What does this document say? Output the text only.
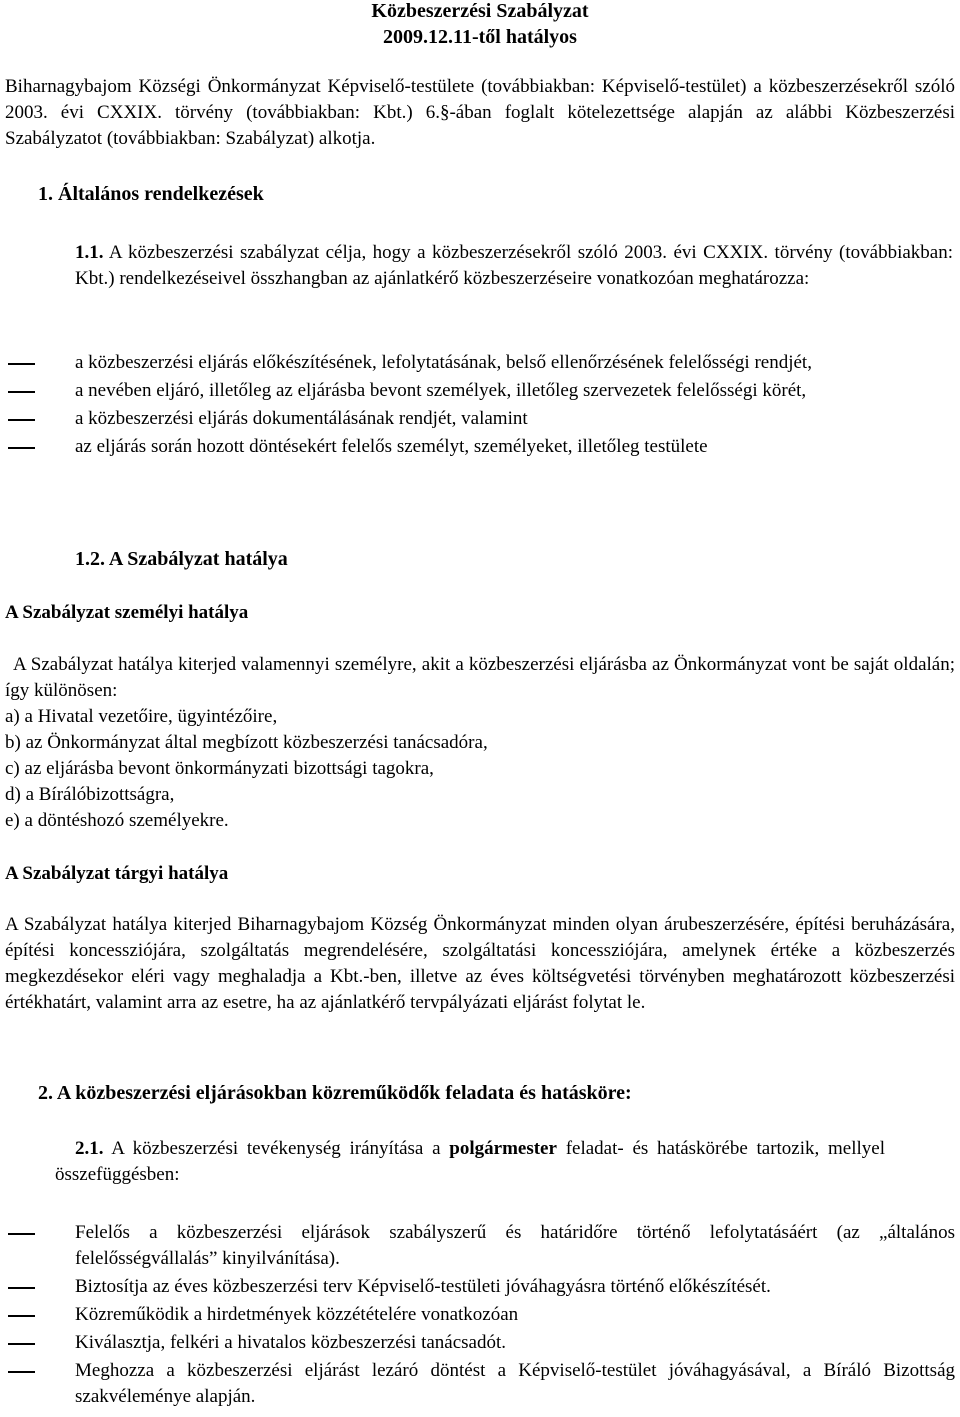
Közbeszerzési Szabályzat
2009.12.11-től hatályos
Biharnagybajom Községi Önkormányzat Képviselő-testülete (továbbiakban: Képviselő-testület) a közbeszerzésekről szóló 2003. évi CXXIX. törvény (továbbiakban: Kbt.) 6.§-ában foglalt kötelezettsége alapján az alábbi Közbeszerzési Szabályzatot (továbbiakban: Szabályzat) alkotja.
1. Általános rendelkezések
1.1. A közbeszerzési szabályzat célja, hogy a közbeszerzésekről szóló 2003. évi CXXIX. törvény (továbbiakban: Kbt.) rendelkezéseivel összhangban az ajánlatkérő közbeszerzéseire vonatkozóan meghatározza:
a közbeszerzési eljárás előkészítésének, lefolytatásának, belső ellenőrzésének felelősségi rendjét,
a nevében eljáró, illetőleg az eljárásba bevont személyek, illetőleg szervezetek felelősségi körét,
a közbeszerzési eljárás dokumentálásának rendjét, valamint
az eljárás során hozott döntésekért felelős személyt, személyeket, illetőleg testülete
1.2. A Szabályzat hatálya
A Szabályzat személyi hatálya
A Szabályzat hatálya kiterjed valamennyi személyre, akit a közbeszerzési eljárásba az Önkormányzat vont be saját oldalán; így különösen:
a) a Hivatal vezetőire, ügyintézőire,
b) az Önkormányzat által megbízott közbeszerzési tanácsadóra,
c) az eljárásba bevont önkormányzati bizottsági tagokra,
d) a Bírálóbizottságra,
e) a döntéshozó személyekre.
A Szabályzat tárgyi hatálya
A Szabályzat hatálya kiterjed Biharnagybajom Község Önkormányzat minden olyan árubeszerzésére, építési beruházására, építési koncessziójára, szolgáltatás megrendelésére, szolgáltatási koncessziójára, amelynek értéke a közbeszerzés megkezdésekor eléri vagy meghaladja a Kbt.-ben, illetve az éves költségvetési törvényben meghatározott közbeszerzési értékhatárt, valamint arra az esetre, ha az ajánlatkérő tervpályázati eljárást folytat le.
2. A közbeszerzési eljárásokban közreműködők feladata és hatásköre:
2.1. A közbeszerzési tevékenység irányítása a polgármester feladat- és hatáskörébe tartozik, mellyel összefüggésben:
Felelős a közbeszerzési eljárások szabályszerű és határidőre történő lefolytatásáért (az „általános felelősségvállalás” kinyilvánítása).
Biztosítja az éves közbeszerzési terv Képviselő-testületi jóváhagyásra történő előkészítését.
Közreműködik a hirdetmények közzétételére vonatkozóan
Kiválasztja, felkéri a hivatalos közbeszerzési tanácsadót.
Meghozza a közbeszerzési eljárást lezáró döntést a Képviselő-testület jóváhagyásával, a Bíráló Bizottság szakvéleménye alapján.
